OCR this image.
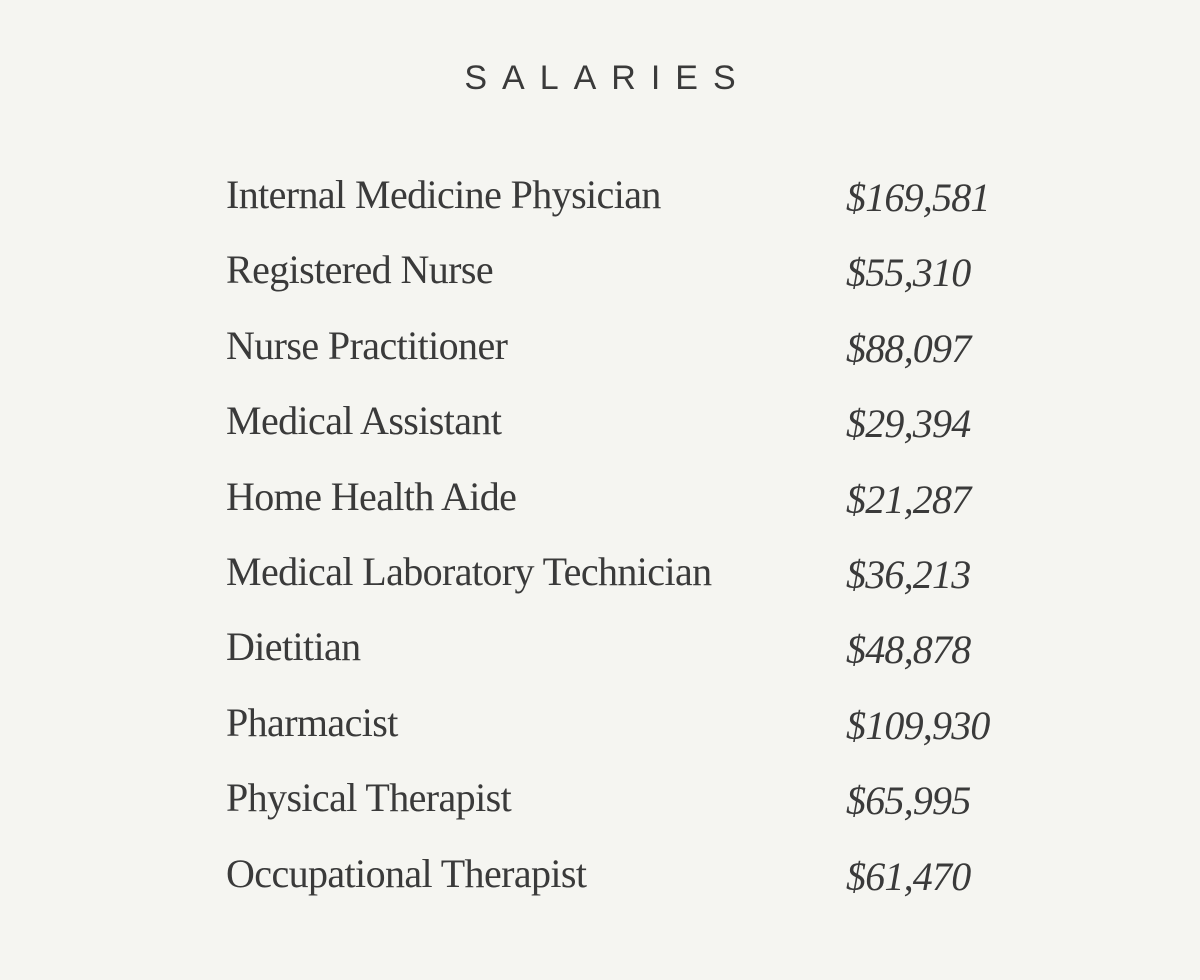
SALARIES
Internal Medicine Physician	$169,581
Registered Nurse	$55,310
Nurse Practitioner	$88,097
Medical Assistant	$29,394
Home Health Aide	$21,287
Medical Laboratory Technician	$36,213
Dietitian	$48,878
Pharmacist	$109,930
Physical Therapist	$65,995
Occupational Therapist	$61,470
